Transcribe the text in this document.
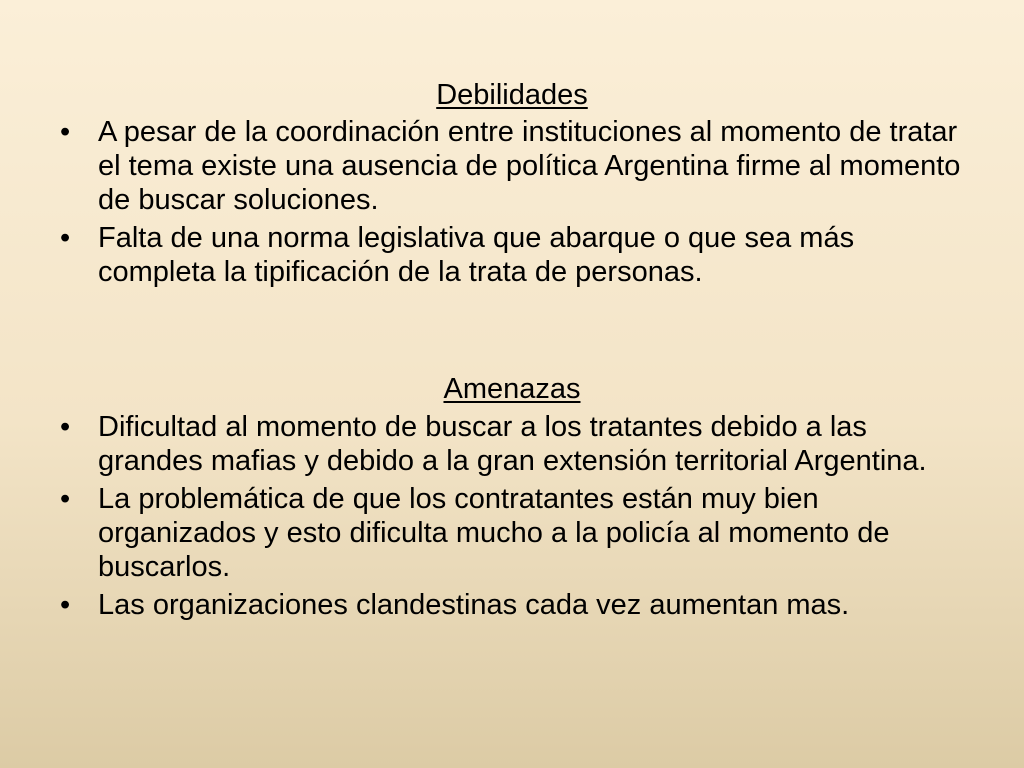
Debilidades
• A pesar de la coordinación entre instituciones al momento de tratar el tema existe una ausencia de política Argentina firme al momento de buscar soluciones.
• Falta de una norma legislativa que abarque o que sea más completa la tipificación de la trata de personas.
Amenazas
• Dificultad al momento de buscar a los tratantes debido a las grandes mafias y debido a la gran extensión territorial Argentina.
• La problemática de que los contratantes están muy bien organizados y esto dificulta mucho a la policía al momento de buscarlos.
• Las organizaciones clandestinas cada vez aumentan mas.
